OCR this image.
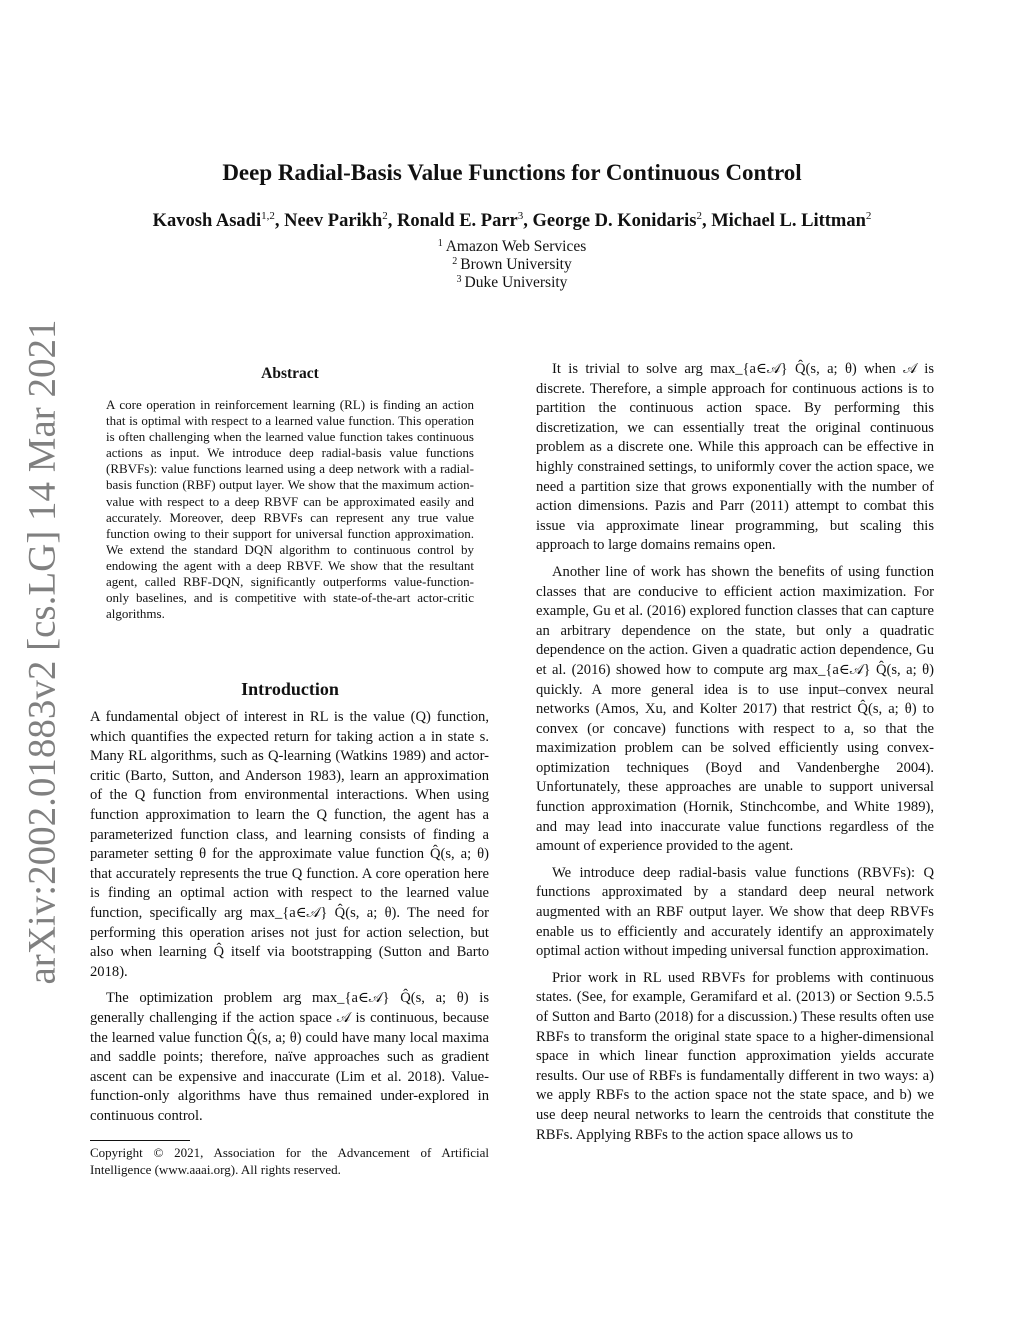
arXiv:2002.01883v2 [cs.LG] 14 Mar 2021
Deep Radial-Basis Value Functions for Continuous Control
Kavosh Asadi$^{1,2}$, Neev Parikh$^2$, Ronald E. Parr$^3$, George D. Konidaris$^2$, Michael L. Littman$^2$
$^1$ Amazon Web Services
$^2$ Brown University
$^3$ Duke University
Abstract

A core operation in reinforcement learning (RL) is finding an action that is optimal with respect to a learned value function. This operation is often challenging when the learned value function takes continuous actions as input. We introduce deep radial-basis value functions (RBVFs): value functions learned using a deep network with a radial-basis function (RBF) output layer. We show that the maximum action-value with respect to a deep RBVF can be approximated easily and accurately. Moreover, deep RBVFs can represent any true value function owing to their support for universal function approximation. We extend the standard DQN algorithm to continuous control by endowing the agent with a deep RBVF. We show that the resultant agent, called RBF-DQN, significantly outperforms value-function-only baselines, and is competitive with state-of-the-art actor-critic algorithms.

Introduction

A fundamental object of interest in RL is the value (Q) function, which quantifies the expected return for taking action a in state s. Many RL algorithms, such as Q-learning (Watkins 1989) and actor-critic (Barto, Sutton, and Anderson 1983), learn an approximation of the Q function from environmental interactions. When using function approximation to learn the Q function, the agent has a parameterized function class, and learning consists of finding a parameter setting θ for the approximate value function Q̂(s, a; θ) that accurately represents the true Q function. A core operation here is finding an optimal action with respect to the learned value function, specifically arg max_{a∈𝒜} Q̂(s, a; θ). The need for performing this operation arises not just for action selection, but also when learning Q̂ itself via bootstrapping (Sutton and Barto 2018).

The optimization problem arg max_{a∈𝒜} Q̂(s, a; θ) is generally challenging if the action space 𝒜 is continuous, because the learned value function Q̂(s, a; θ) could have many local maxima and saddle points; therefore, naïve approaches such as gradient ascent can be expensive and inaccurate (Lim et al. 2018). Value-function-only algorithms have thus remained under-explored in continuous control.

Copyright © 2021, Association for the Advancement of Artificial Intelligence (www.aaai.org). All rights reserved.

It is trivial to solve arg max_{a∈𝒜} Q̂(s, a; θ) when 𝒜 is discrete. Therefore, a simple approach for continuous actions is to partition the continuous action space. By performing this discretization, we can essentially treat the original continuous problem as a discrete one. While this approach can be effective in highly constrained settings, to uniformly cover the action space, we need a partition size that grows exponentially with the number of action dimensions. Pazis and Parr (2011) attempt to combat this issue via approximate linear programming, but scaling this approach to large domains remains open.

Another line of work has shown the benefits of using function classes that are conducive to efficient action maximization. For example, Gu et al. (2016) explored function classes that can capture an arbitrary dependence on the state, but only a quadratic dependence on the action. Given a quadratic action dependence, Gu et al. (2016) showed how to compute arg max_{a∈𝒜} Q̂(s, a; θ) quickly. A more general idea is to use input–convex neural networks (Amos, Xu, and Kolter 2017) that restrict Q̂(s, a; θ) to convex (or concave) functions with respect to a, so that the maximization problem can be solved efficiently using convex-optimization techniques (Boyd and Vandenberghe 2004). Unfortunately, these approaches are unable to support universal function approximation (Hornik, Stinchcombe, and White 1989), and may lead into inaccurate value functions regardless of the amount of experience provided to the agent.

We introduce deep radial-basis value functions (RBVFs): Q functions approximated by a standard deep neural network augmented with an RBF output layer. We show that deep RBVFs enable us to efficiently and accurately identify an approximately optimal action without impeding universal function approximation.

Prior work in RL used RBVFs for problems with continuous states. (See, for example, Geramifard et al. (2013) or Section 9.5.5 of Sutton and Barto (2018) for a discussion.) These results often use RBFs to transform the original state space to a higher-dimensional space in which linear function approximation yields accurate results. Our use of RBFs is fundamentally different in two ways: a) we apply RBFs to the action space not the state space, and b) we use deep neural networks to learn the centroids that constitute the RBFs. Applying RBFs to the action space allows us to
